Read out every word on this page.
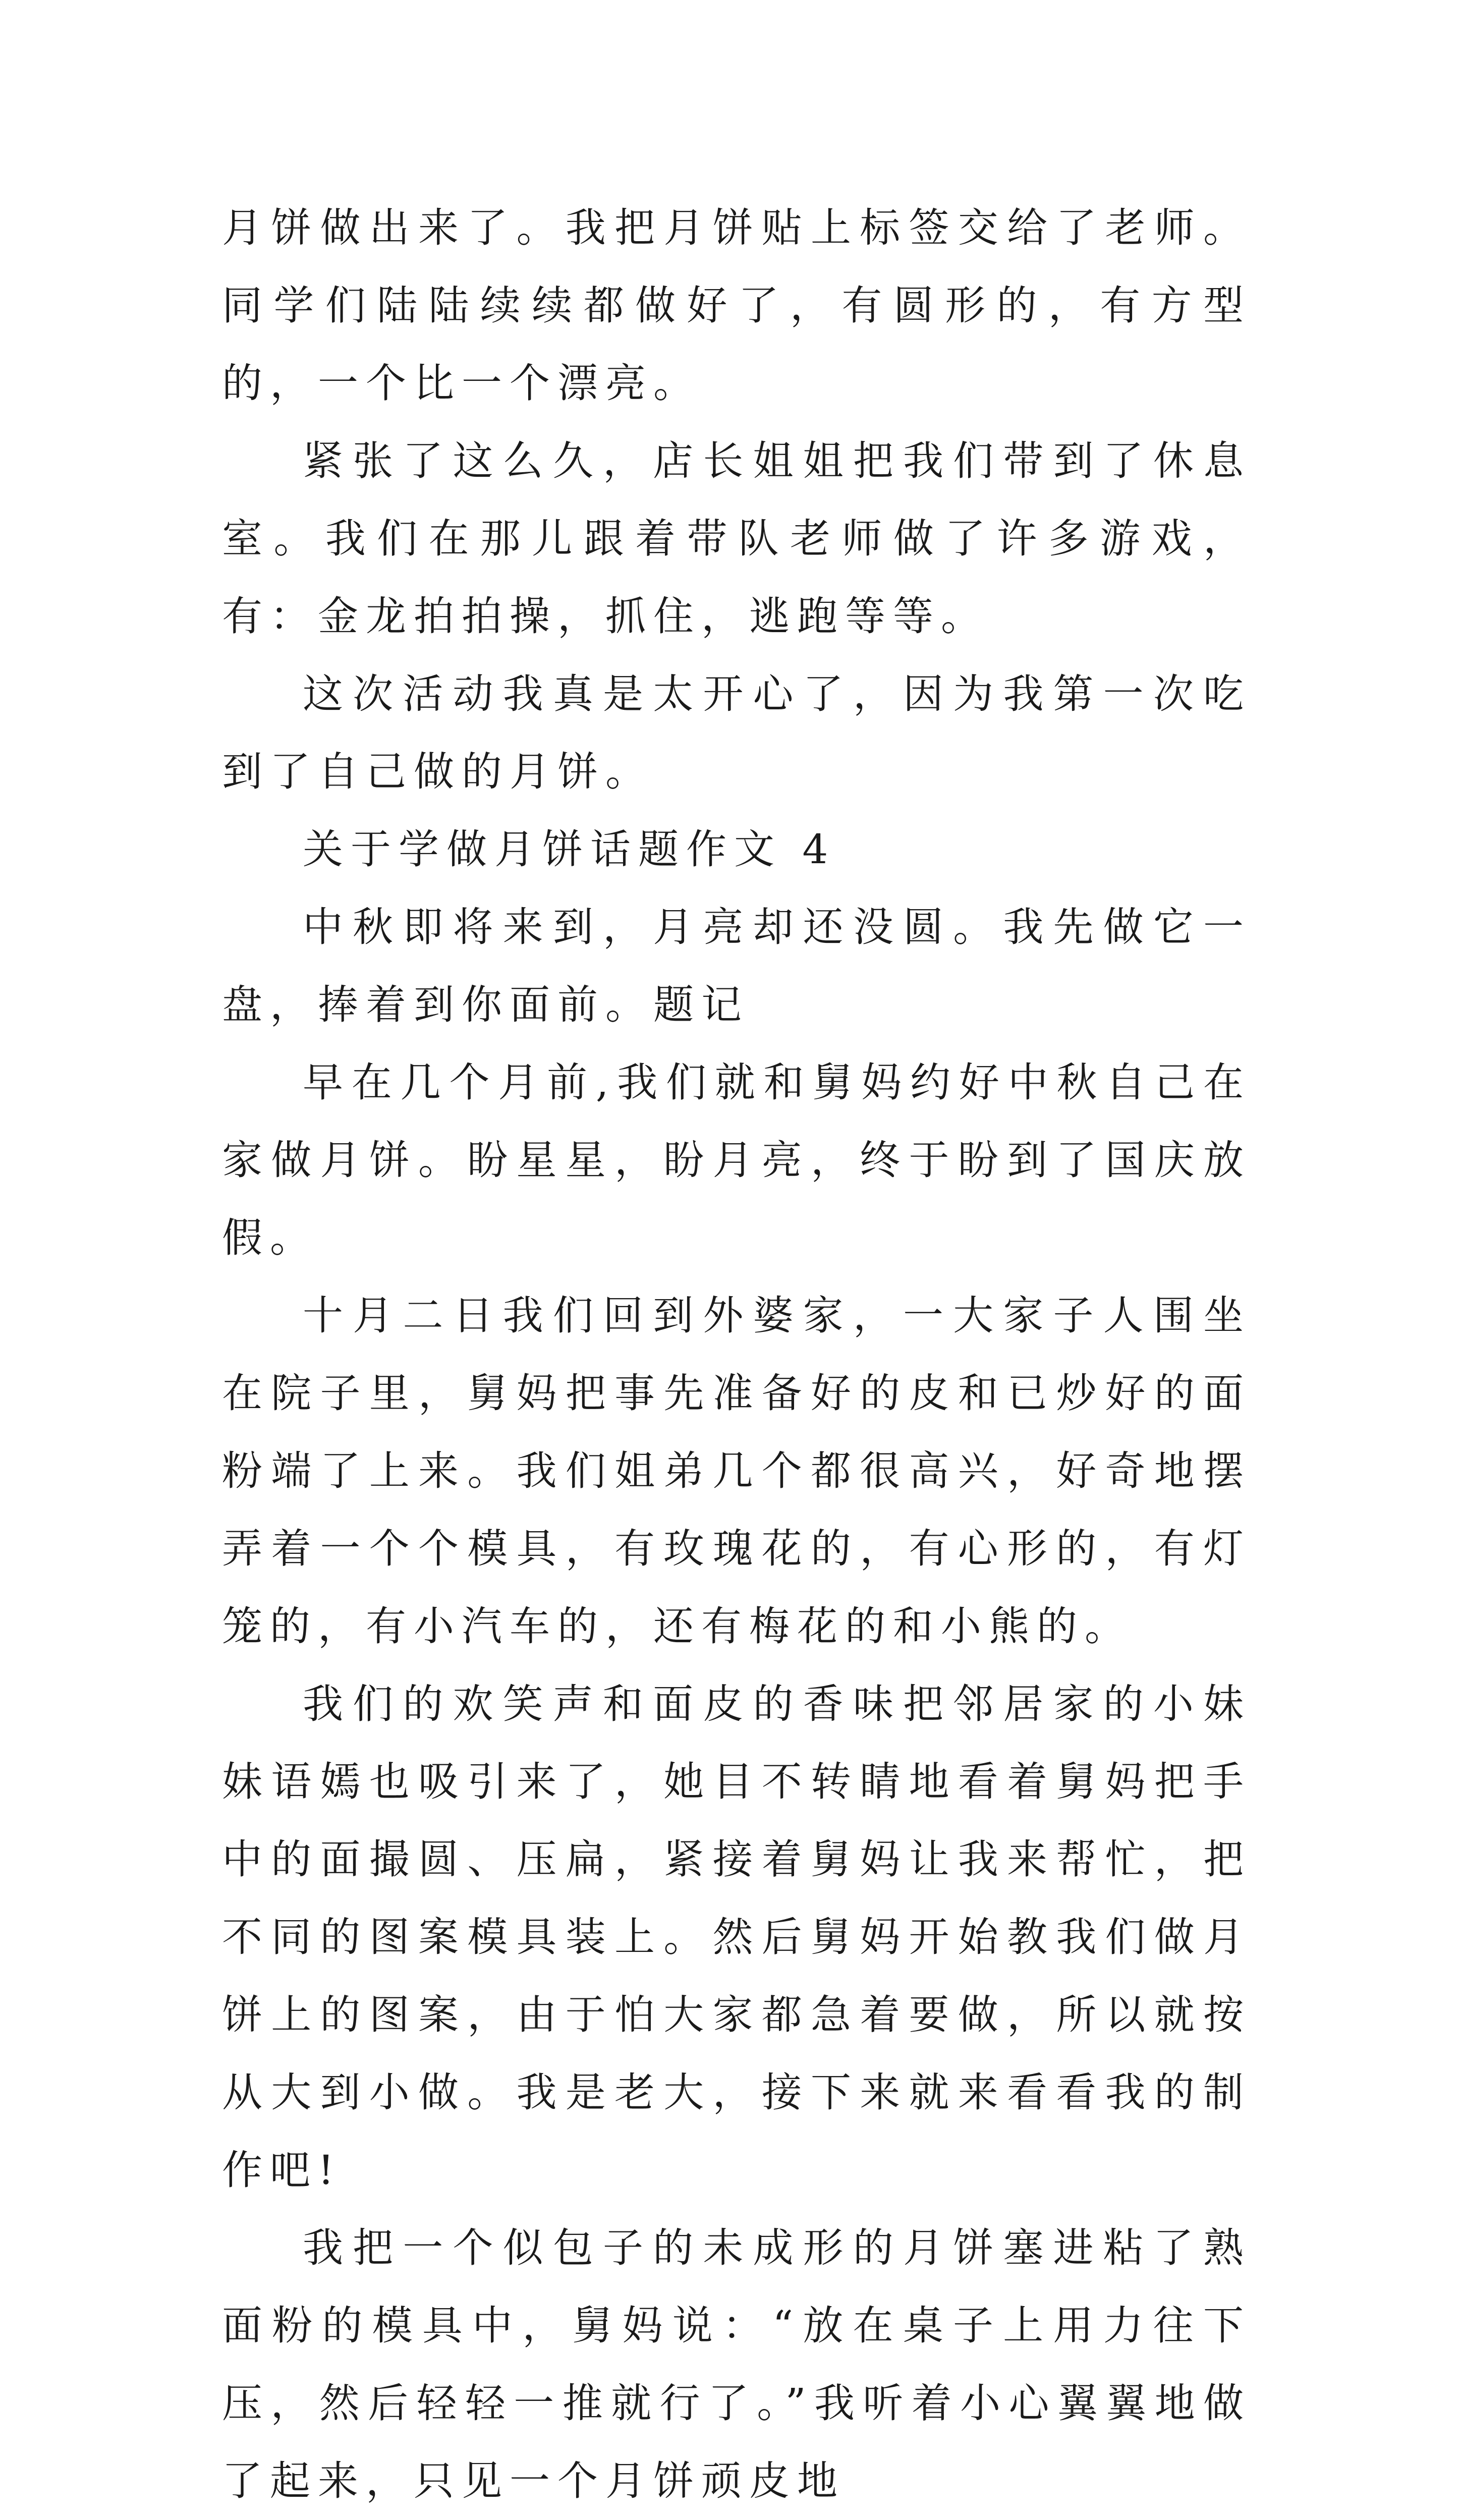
月饼做出来了。我把月饼贴上标签交给了老师。同学们陆陆续续都做好了，有圆形的，有方型的，一个比一个漂亮。

紧张了这么久，店长姐姐把我们带到了休息室。我们在那儿跟着带队老师做了许多游戏，有：金龙拍拍操，抓住，逃跑等等。

这次活动我真是太开心了，因为我第一次吃到了自己做的月饼。

关于学做月饼话题作文 4

中秋即将来到，月亮却还没圆。我先做它一盘，捧着到你面前。题记

早在几个月前,我们就和舅妈约好中秋自己在家做月饼。盼星星，盼月亮，终于盼到了国庆放假。

十月二日我们回到外婆家，一大家子人围坐在院子里，舅妈把事先准备好的皮和已炒好的面粉端了上来。我们姐弟几个都很高兴，好奇地摆弄着一个个模具，有玫瑰花的，有心形的，有灯笼的，有小汽车的，还有梅花的和小熊的。

我们的欢笑声和面皮的香味把邻居家的小妹妹语嫣也吸引来了，她目不转睛地看着舅妈把手中的面撮圆、压扁，紧接着舅妈让我来帮忙，把不同的图案模具装上。然后舅妈开始教我们做月饼上的图案，由于怕大家都急着要做，所以就按从大到小做。我是老大，接下来就来看看我的制作吧!

我把一个似包子的未成形的月饼塞进粘了熟面粉的模具中，舅妈说：“放在桌子上用力往下压，然后轻轻一推就行了。”我听着小心翼翼地做了起来，只见一个月饼顽皮地
